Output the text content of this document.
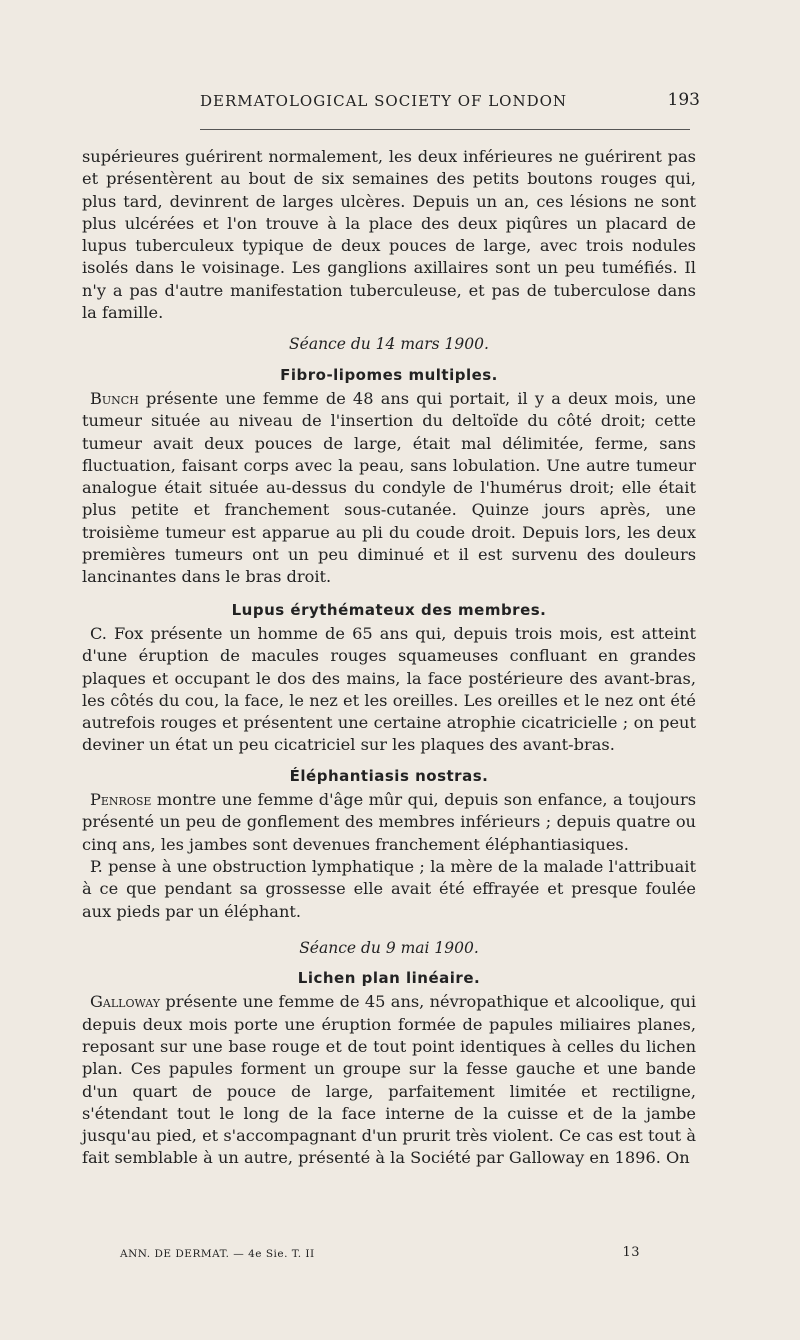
DERMATOLOGICAL SOCIETY OF LONDON	193

supérieures guérirent normalement, les deux inférieures ne guérirent pas et présentèrent au bout de six semaines des petits boutons rouges qui, plus tard, devinrent de larges ulcères. Depuis un an, ces lésions ne sont plus ulcérées et l'on trouve à la place des deux piqûres un placard de lupus tuberculeux typique de deux pouces de large, avec trois nodules isolés dans le voisinage. Les ganglions axillaires sont un peu tuméfiés. Il n'y a pas d'autre manifestation tuberculeuse, et pas de tuberculose dans la famille.

Séance du 14 mars 1900.

Fibro-lipomes multiples.

Bunch présente une femme de 48 ans qui portait, il y a deux mois, une tumeur située au niveau de l'insertion du deltoïde du côté droit; cette tumeur avait deux pouces de large, était mal délimitée, ferme, sans fluctuation, faisant corps avec la peau, sans lobulation. Une autre tumeur analogue était située au-dessus du condyle de l'humérus droit; elle était plus petite et franchement sous-cutanée. Quinze jours après, une troisième tumeur est apparue au pli du coude droit. Depuis lors, les deux premières tumeurs ont un peu diminué et il est survenu des douleurs lancinantes dans le bras droit.

Lupus érythémateux des membres.

C. Fox présente un homme de 65 ans qui, depuis trois mois, est atteint d'une éruption de macules rouges squameuses confluant en grandes plaques et occupant le dos des mains, la face postérieure des avant-bras, les côtés du cou, la face, le nez et les oreilles. Les oreilles et le nez ont été autrefois rouges et présentent une certaine atrophie cicatricielle ; on peut deviner un état un peu cicatriciel sur les plaques des avant-bras.

Éléphantiasis nostras.

Penrose montre une femme d'âge mûr qui, depuis son enfance, a toujours présenté un peu de gonflement des membres inférieurs ; depuis quatre ou cinq ans, les jambes sont devenues franchement éléphantiasiques.

P. pense à une obstruction lymphatique ; la mère de la malade l'attribuait à ce que pendant sa grossesse elle avait été effrayée et presque foulée aux pieds par un éléphant.

Séance du 9 mai 1900.

Lichen plan linéaire.

Galloway présente une femme de 45 ans, névropathique et alcoolique, qui depuis deux mois porte une éruption formée de papules miliaires planes, reposant sur une base rouge et de tout point identiques à celles du lichen plan. Ces papules forment un groupe sur la fesse gauche et une bande d'un quart de pouce de large, parfaitement limitée et rectiligne, s'étendant tout le long de la face interne de la cuisse et de la jambe jusqu'au pied, et s'accompagnant d'un prurit très violent. Ce cas est tout à fait semblable à un autre, présenté à la Société par Galloway en 1896. On

ANN. DE DERMAT. — 4e Sie. T. II	13
